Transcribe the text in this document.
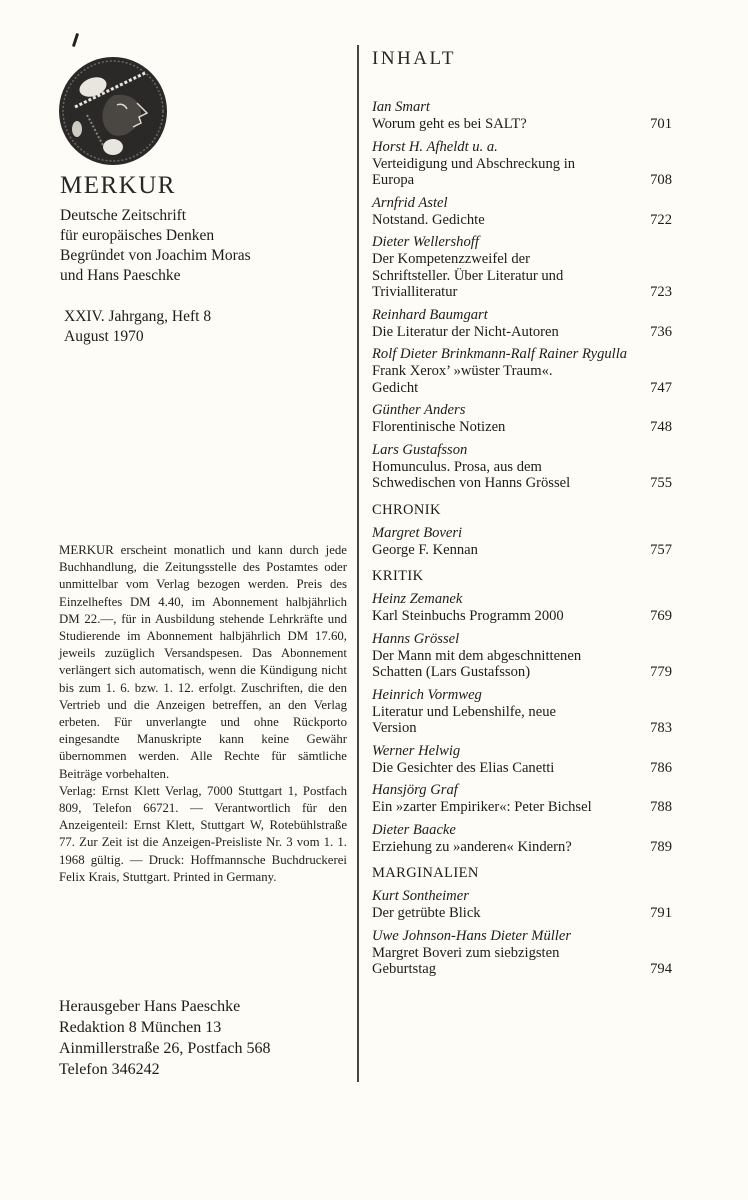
MERKUR
Deutsche Zeitschrift
für europäisches Denken
Begründet von Joachim Moras
und Hans Paeschke
XXIV. Jahrgang, Heft 8
August 1970

MERKUR erscheint monatlich und kann durch jede Buchhandlung, die Zeitungsstelle des Postamtes oder unmittelbar vom Verlag bezogen werden. Preis des Einzelheftes DM 4.40, im Abonnement halbjährlich DM 22.—, für in Ausbildung stehende Lehrkräfte und Studierende im Abonnement halbjährlich DM 17.60, jeweils zuzüglich Versandspesen. Das Abonnement verlängert sich automatisch, wenn die Kündigung nicht bis zum 1. 6. bzw. 1. 12. erfolgt. Zuschriften, die den Vertrieb und die Anzeigen betreffen, an den Verlag erbeten. Für unverlangte und ohne Rückporto eingesandte Manuskripte kann keine Gewähr übernommen werden. Alle Rechte für sämtliche Beiträge vorbehalten.

Verlag: Ernst Klett Verlag, 7000 Stuttgart 1, Postfach 809, Telefon 66721. — Verantwortlich für den Anzeigenteil: Ernst Klett, Stuttgart W, Rotebühlstraße 77. Zur Zeit ist die Anzeigen-Preisliste Nr. 3 vom 1. 1. 1968 gültig. — Druck: Hoffmannsche Buchdruckerei Felix Krais, Stuttgart. Printed in Germany.

Herausgeber Hans Paeschke
Redaktion 8 München 13
Ainmillerstraße 26, Postfach 568
Telefon 346242
INHALT
Ian Smart
Worum geht es bei SALT?	701
Horst H. Afheldt u. a.
Verteidigung und Abschreckung in Europa	708
Arnfrid Astel
Notstand. Gedichte	722
Dieter Wellershoff
Der Kompetenzzweifel der Schriftsteller. Über Literatur und Trivialliteratur	723
Reinhard Baumgart
Die Literatur der Nicht-Autoren	736
Rolf Dieter Brinkmann-Ralf Rainer Rygulla
Frank Xerox’ »wüster Traum«. Gedicht	747
Günther Anders
Florentinische Notizen	748
Lars Gustafsson
Homunculus. Prosa, aus dem Schwedischen von Hanns Grössel	755
CHRONIK
Margret Boveri
George F. Kennan	757
KRITIK
Heinz Zemanek
Karl Steinbuchs Programm 2000	769
Hanns Grössel
Der Mann mit dem abgeschnittenen Schatten (Lars Gustafsson)	779
Heinrich Vormweg
Literatur und Lebenshilfe, neue Version	783
Werner Helwig
Die Gesichter des Elias Canetti	786
Hansjörg Graf
Ein »zarter Empiriker«: Peter Bichsel	788
Dieter Baacke
Erziehung zu »anderen« Kindern?	789
MARGINALIEN
Kurt Sontheimer
Der getrübte Blick	791
Uwe Johnson-Hans Dieter Müller
Margret Boveri zum siebzigsten Geburtstag	794
